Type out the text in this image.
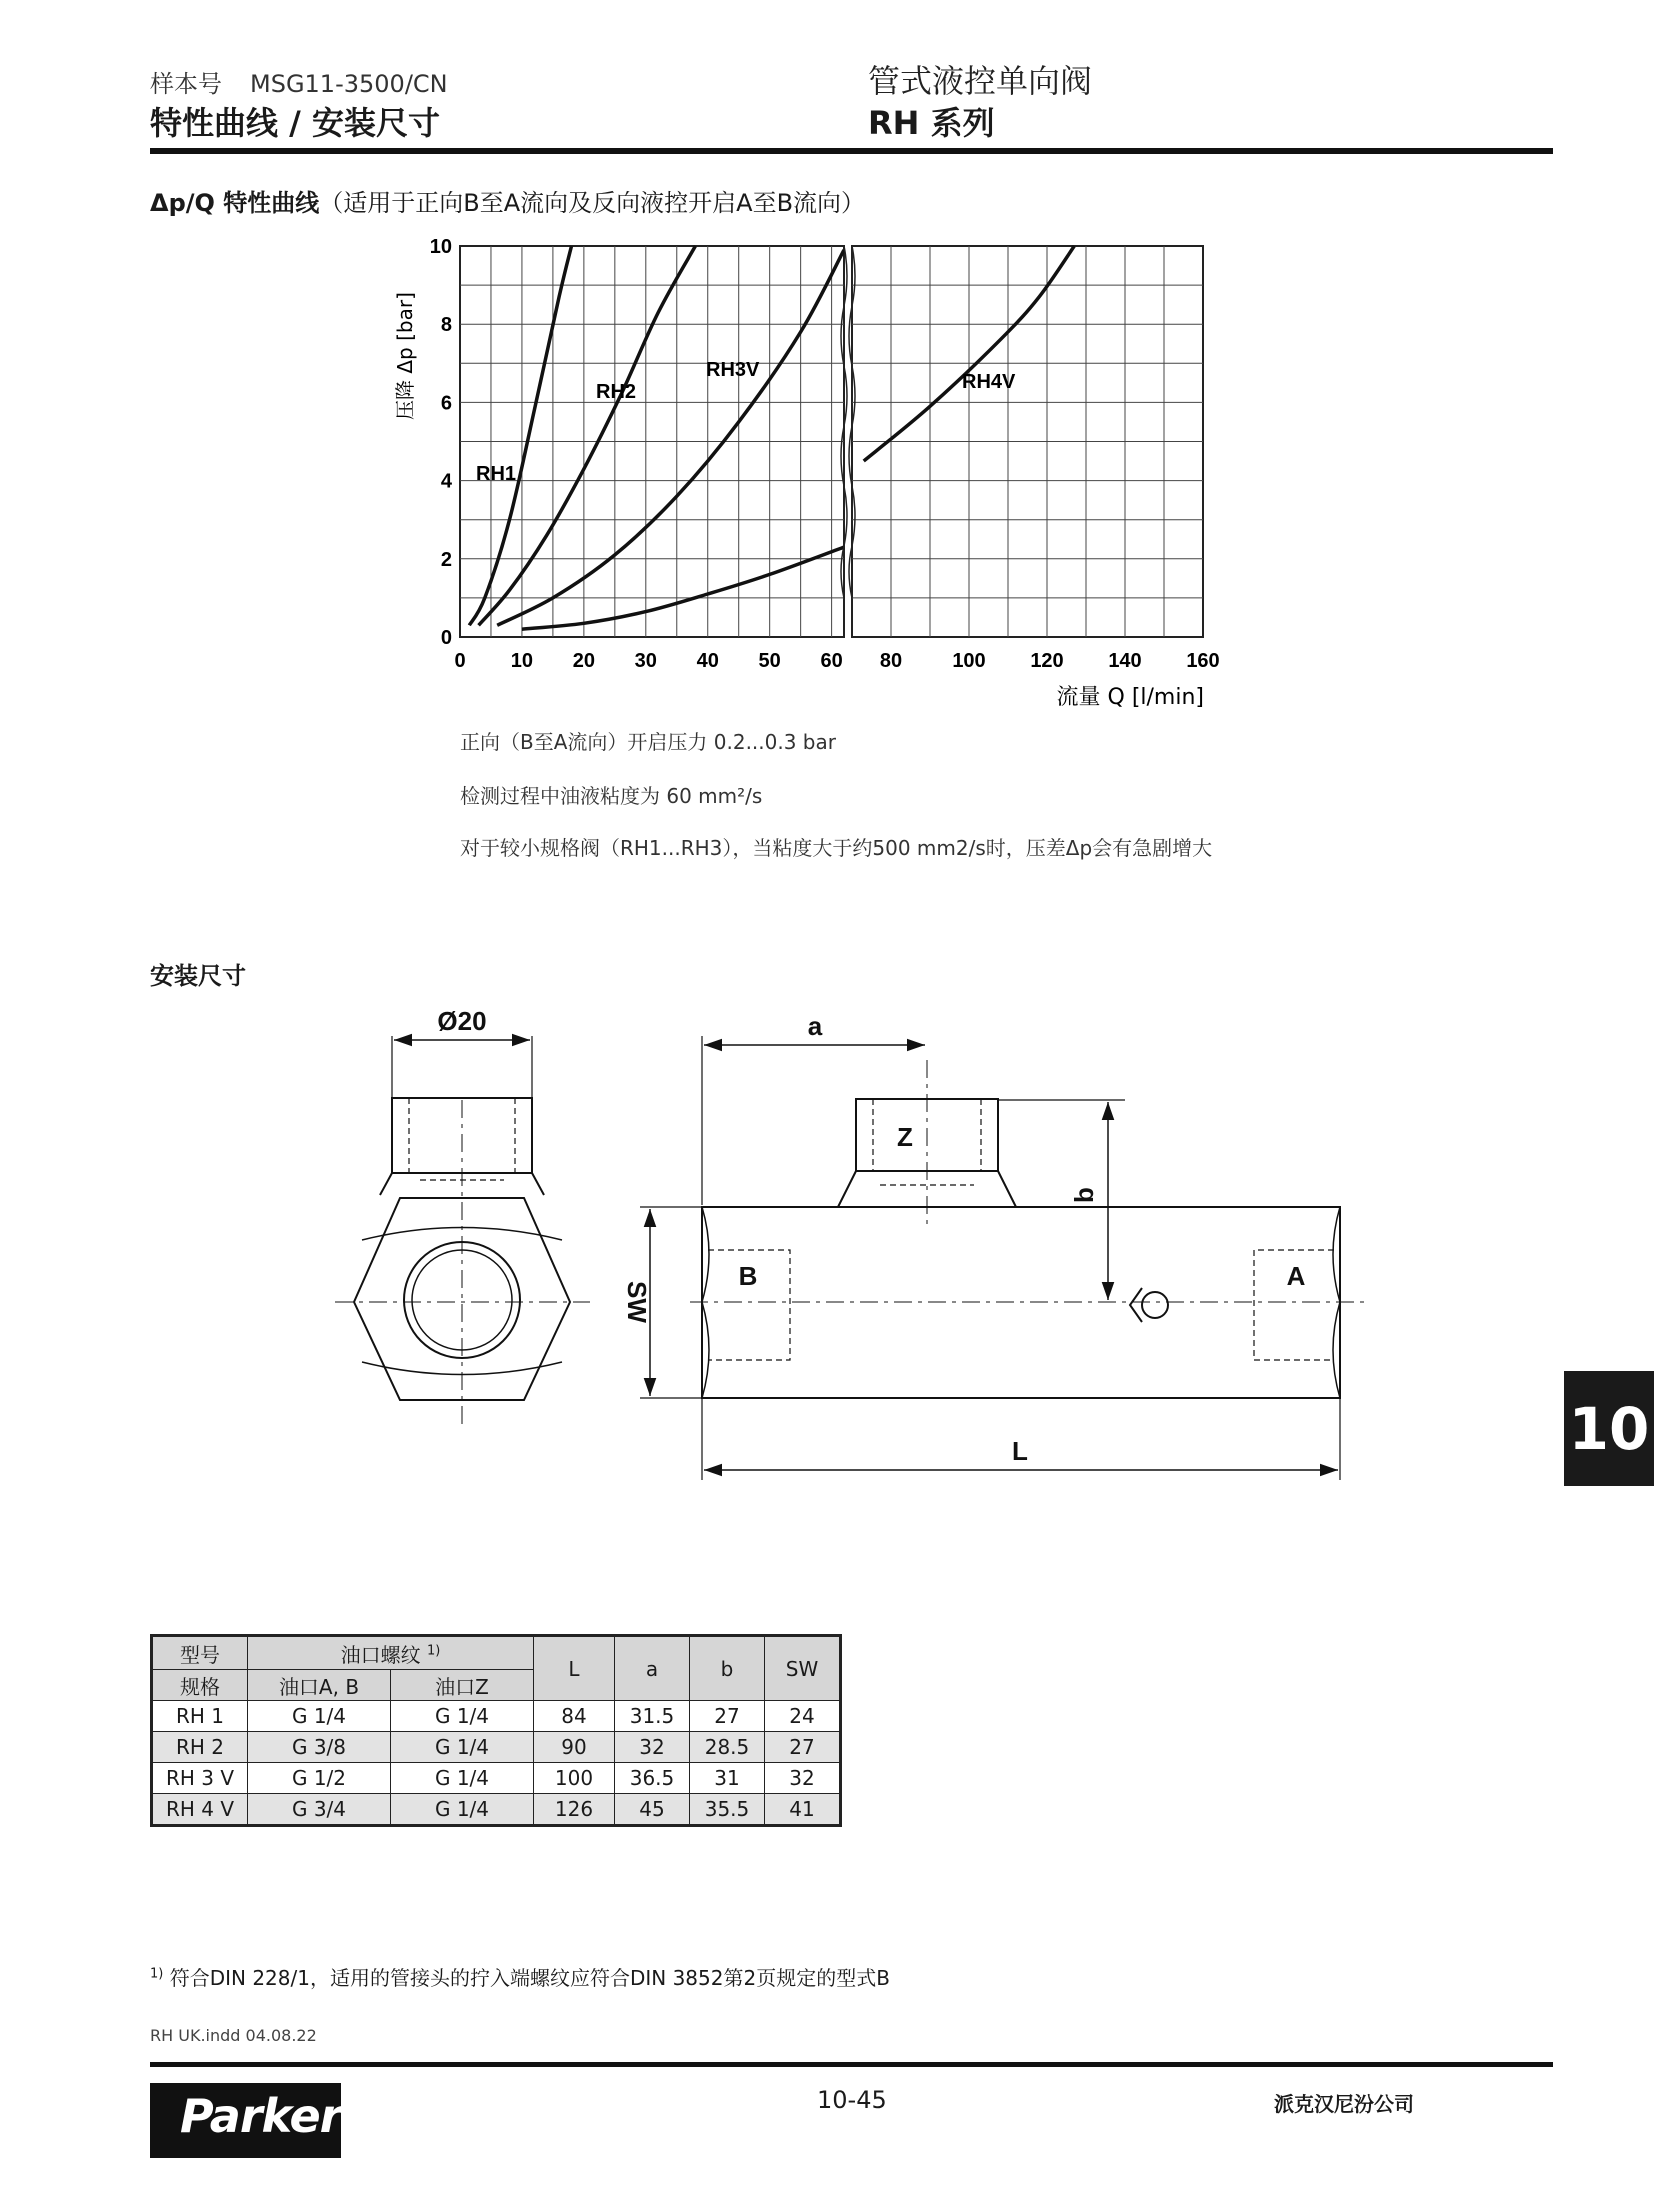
样本号 MSG11-3500/CN
特性曲线 / 安装尺寸
管式液控单向阀
RH 系列
Δp/Q 特性曲线（适用于正向B至A流向及反向液控开启A至B流向）
0
2
4
6
8
10
0 10 20 30 40 50 60 80	100 120 140 160
压降 Δp [bar]
流量 Q [l/min]
RH1
RH2
RH3V
RH4V
正向（B至A流向）开启压力 0.2...0.3 bar
检测过程中油液粘度为 60 mm²/s
对于较小规格阀（RH1...RH3），当粘度大于约500 mm2/s时，压差Δp会有急剧增大
安装尺寸
Ø20	a
b
Z
B	A
SW
L	10
型号	油口螺纹 $^{1)}$		L	a	b	SW
规格	油口A, B	油口Z				
RH 1	G 1/4	G 1/4	84	31.5	27	24
RH 2	G 3/8	G 1/4	90	32	28.5	27
RH 3 V	G 1/2	G 1/4	100	36.5	31	32
RH 4 V	G 3/4	G 1/4	126	45	35.5	41
$^{1)}$ 符合DIN 228/1，适用的管接头的拧入端螺纹应符合DIN 3852第2页规定的型式B
RH UK.indd 04.08.22
10-45	派克汉尼汾公司
Parker
